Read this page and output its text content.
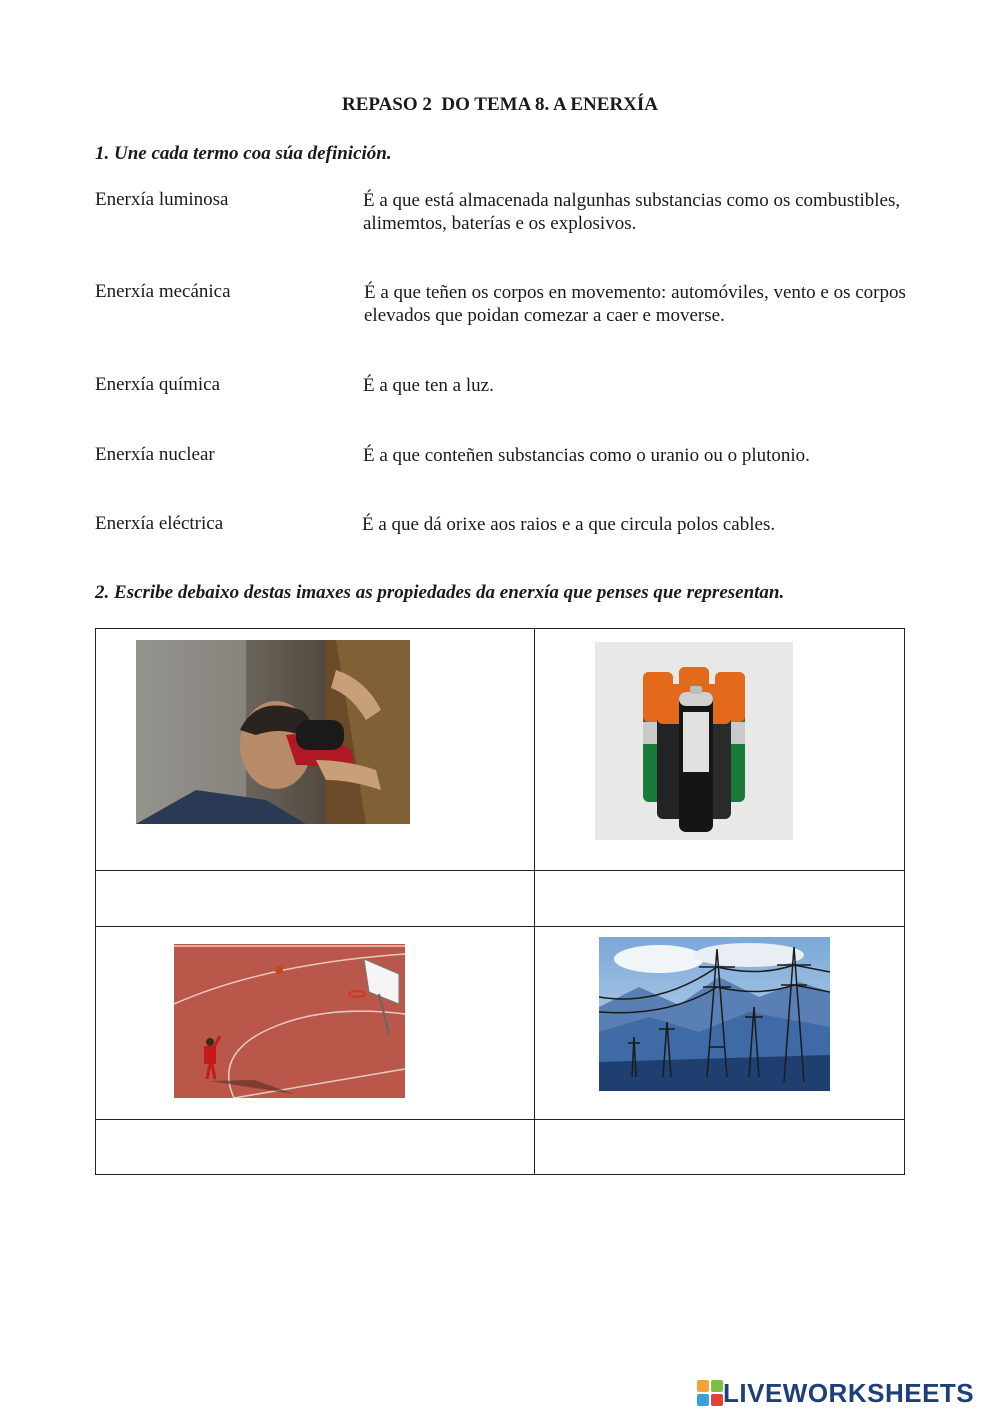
REPASO 2  DO TEMA 8. A ENERXÍA
1. Une cada termo coa súa definición.
Enerxía luminosa
Enerxía mecánica
Enerxía química
Enerxía nuclear
Enerxía eléctrica
É a que está almacenada nalgunhas substancias como os combustibles, alimemtos, baterías e os explosivos.
É a que teñen os corpos en movemento: automóviles, vento e os corpos elevados que poidan comezar a caer e moverse.
É a que ten a luz.
É a que conteñen substancias como o uranio ou o plutonio.
É a que dá orixe aos raios e a que circula polos cables.
2. Escribe debaixo destas imaxes as propiedades da enerxía que penses que representan.
LIVEWORKSHEETS
